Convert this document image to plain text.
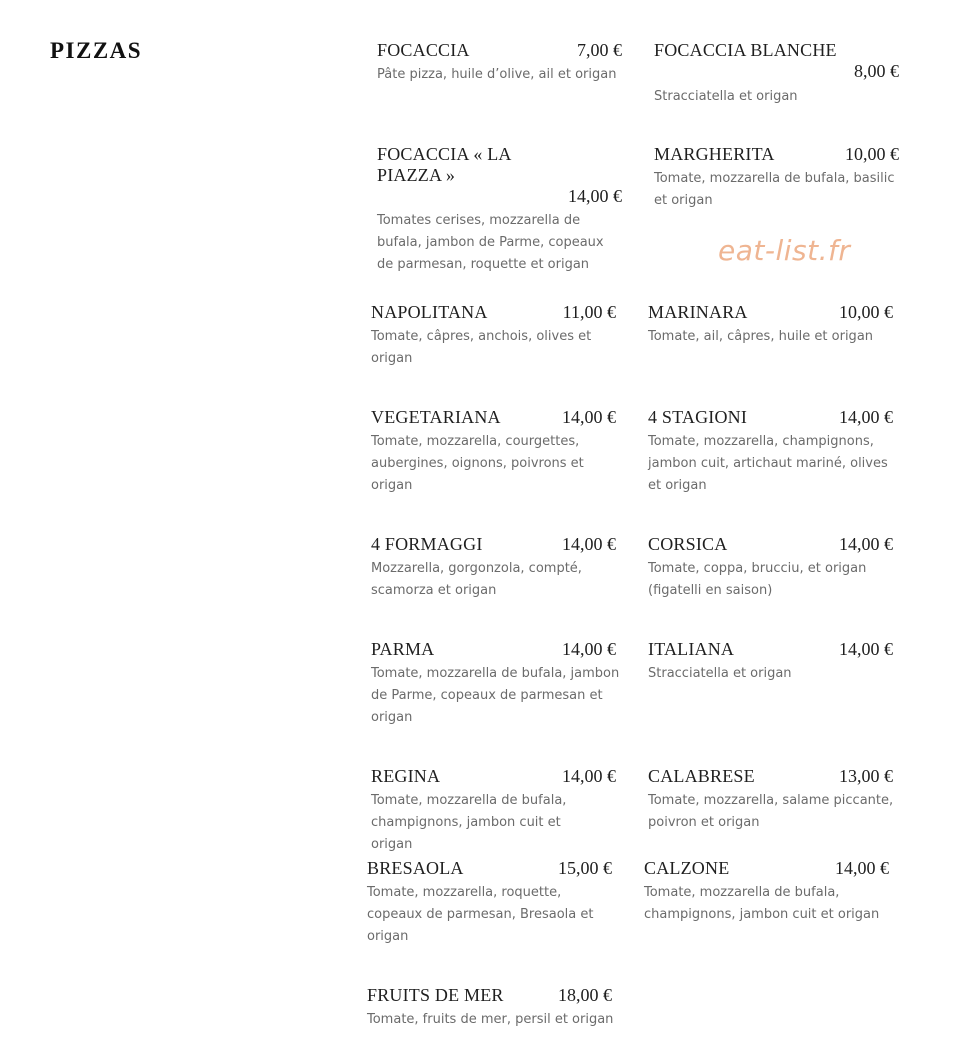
PIZZAS	FOCACCIA	7,00 €
Pâte pizza, huile d’olive, ail et origan
FOCACCIA BLANCHE
8,00 €
Stracciatella et origan
FOCACCIA « LA PIAZZA »
14,00 €
Tomates cerises, mozzarella de bufala, jambon de Parme, copeaux de parmesan, roquette et origan
MARGHERITA	10,00 €
Tomate, mozzarella de bufala, basilic et origan
eat-list.fr
NAPOLITANA	11,00 €
Tomate, câpres, anchois, olives et origan
MARINARA	10,00 €
Tomate, ail, câpres, huile et origan
VEGETARIANA	14,00 €
Tomate, mozzarella, courgettes, aubergines, oignons, poivrons et origan
4 STAGIONI	14,00 €
Tomate, mozzarella, champignons, jambon cuit, artichaut mariné, olives et origan
4 FORMAGGI	14,00 €
Mozzarella, gorgonzola, compté, scamorza et origan
CORSICA	14,00 €
Tomate, coppa, brucciu, et origan (figatelli en saison)
PARMA	14,00 €
Tomate, mozzarella de bufala, jambon de Parme, copeaux de parmesan et origan
ITALIANA	14,00 €
Stracciatella et origan
REGINA	14,00 €
Tomate, mozzarella de bufala, champignons, jambon cuit et origan
CALABRESE	13,00 €
Tomate, mozzarella, salame piccante, poivron et origan
BRESAOLA	15,00 €
Tomate, mozzarella, roquette, copeaux de parmesan, Bresaola et origan
CALZONE	14,00 €
Tomate, mozzarella de bufala, champignons, jambon cuit et origan
FRUITS DE MER	18,00 €
Tomate, fruits de mer, persil et origan
